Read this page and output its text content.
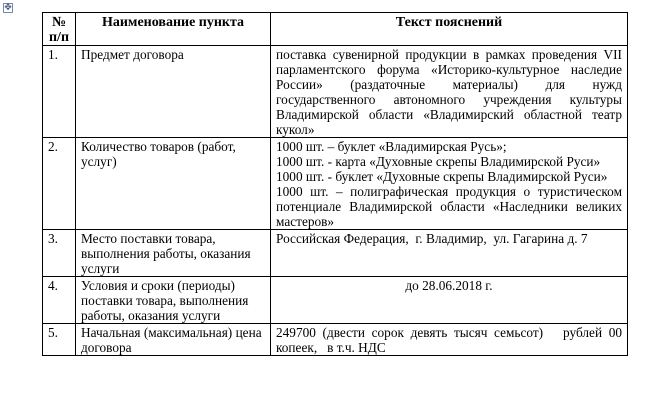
✥
№
п/п	Наименование пункта	Текст пояснений
1.	Предмет договора	поставка сувенирной продукции в рамках проведения VII парламентского форума «Историко-культурное наследие России» (раздаточные материалы) для нужд государственного автономного учреждения культуры Владимирской области «Владимирский областной театр кукол»
2.	Количество товаров (работ, услуг)	1000 шт. – буклет «Владимирская Русь»;
1000 шт. - карта «Духовные скрепы Владимирской Руси»
1000 шт. - буклет «Духовные скрепы Владимирской Руси»
1000 шт. – полиграфическая продукция о туристическом потенциале Владимирской области «Наследники великих мастеров»

3.	Место поставки товара, выполнения работы, оказания услуги	Российская Федерация,  г. Владимир,  ул. Гагарина д. 7
4.	Условия и сроки (периоды) поставки товара, выполнения работы, оказания услуги	до 28.06.2018 г.
5.	Начальная (максимальная) цена договора	249700 (двести сорок девять тысяч семьсот)   рублей 00 копеек,   в т.ч. НДС
